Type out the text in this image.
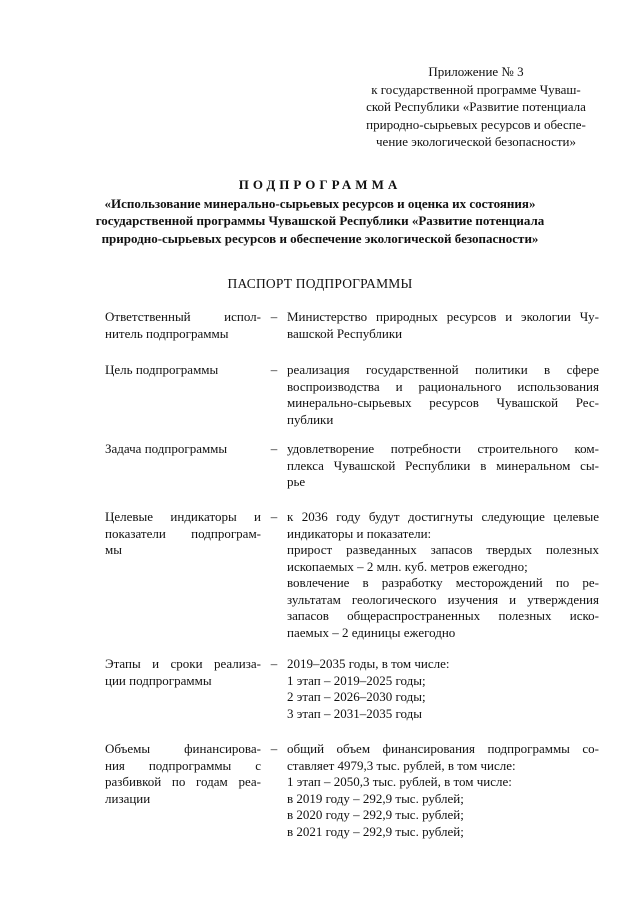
Приложение № 3
к государственной программе Чуваш-
ской Республики «Развитие потенциала
природно-сырьевых ресурсов и обеспе-
чение экологической безопасности»
ПОДПРОГРАММА
«Использование минерально-сырьевых ресурсов и оценка их состояния»
государственной программы Чувашской Республики «Развитие потенциала
природно-сырьевых ресурсов и обеспечение экологической безопасности»
ПАСПОРТ ПОДПРОГРАММЫ
Ответственный испол-
нитель подпрограммы
– Министерство природных ресурсов и экологии Чу-
вашской Республики
Цель подпрограммы	– реализация государственной политики в сфере
воспроизводства и рационального использования
минерально-сырьевых ресурсов Чувашской Рес-
публики
Задача подпрограммы	– удовлетворение потребности строительного ком-
плекса Чувашской Республики в минеральном сы-
рье
Целевые индикаторы и
показатели подпрограм-
мы
– к 2036 году будут достигнуты следующие целевые
индикаторы и показатели:
прирост разведанных запасов твердых полезных
ископаемых – 2 млн. куб. метров ежегодно;
вовлечение в разработку месторождений по ре-
зультатам геологического изучения и утверждения
запасов общераспространенных полезных иско-
паемых – 2 единицы ежегодно
Этапы и сроки реализа-
ции подпрограммы
– 2019–2035 годы, в том числе:
1 этап – 2019–2025 годы;
2 этап – 2026–2030 годы;
3 этап – 2031–2035 годы
Объемы финансирова-
ния подпрограммы с
разбивкой по годам реа-
лизации
– общий объем финансирования подпрограммы со-
ставляет 4979,3 тыс. рублей, в том числе:
1 этап – 2050,3 тыс. рублей, в том числе:
в 2019 году – 292,9 тыс. рублей;
в 2020 году – 292,9 тыс. рублей;
в 2021 году – 292,9 тыс. рублей;
